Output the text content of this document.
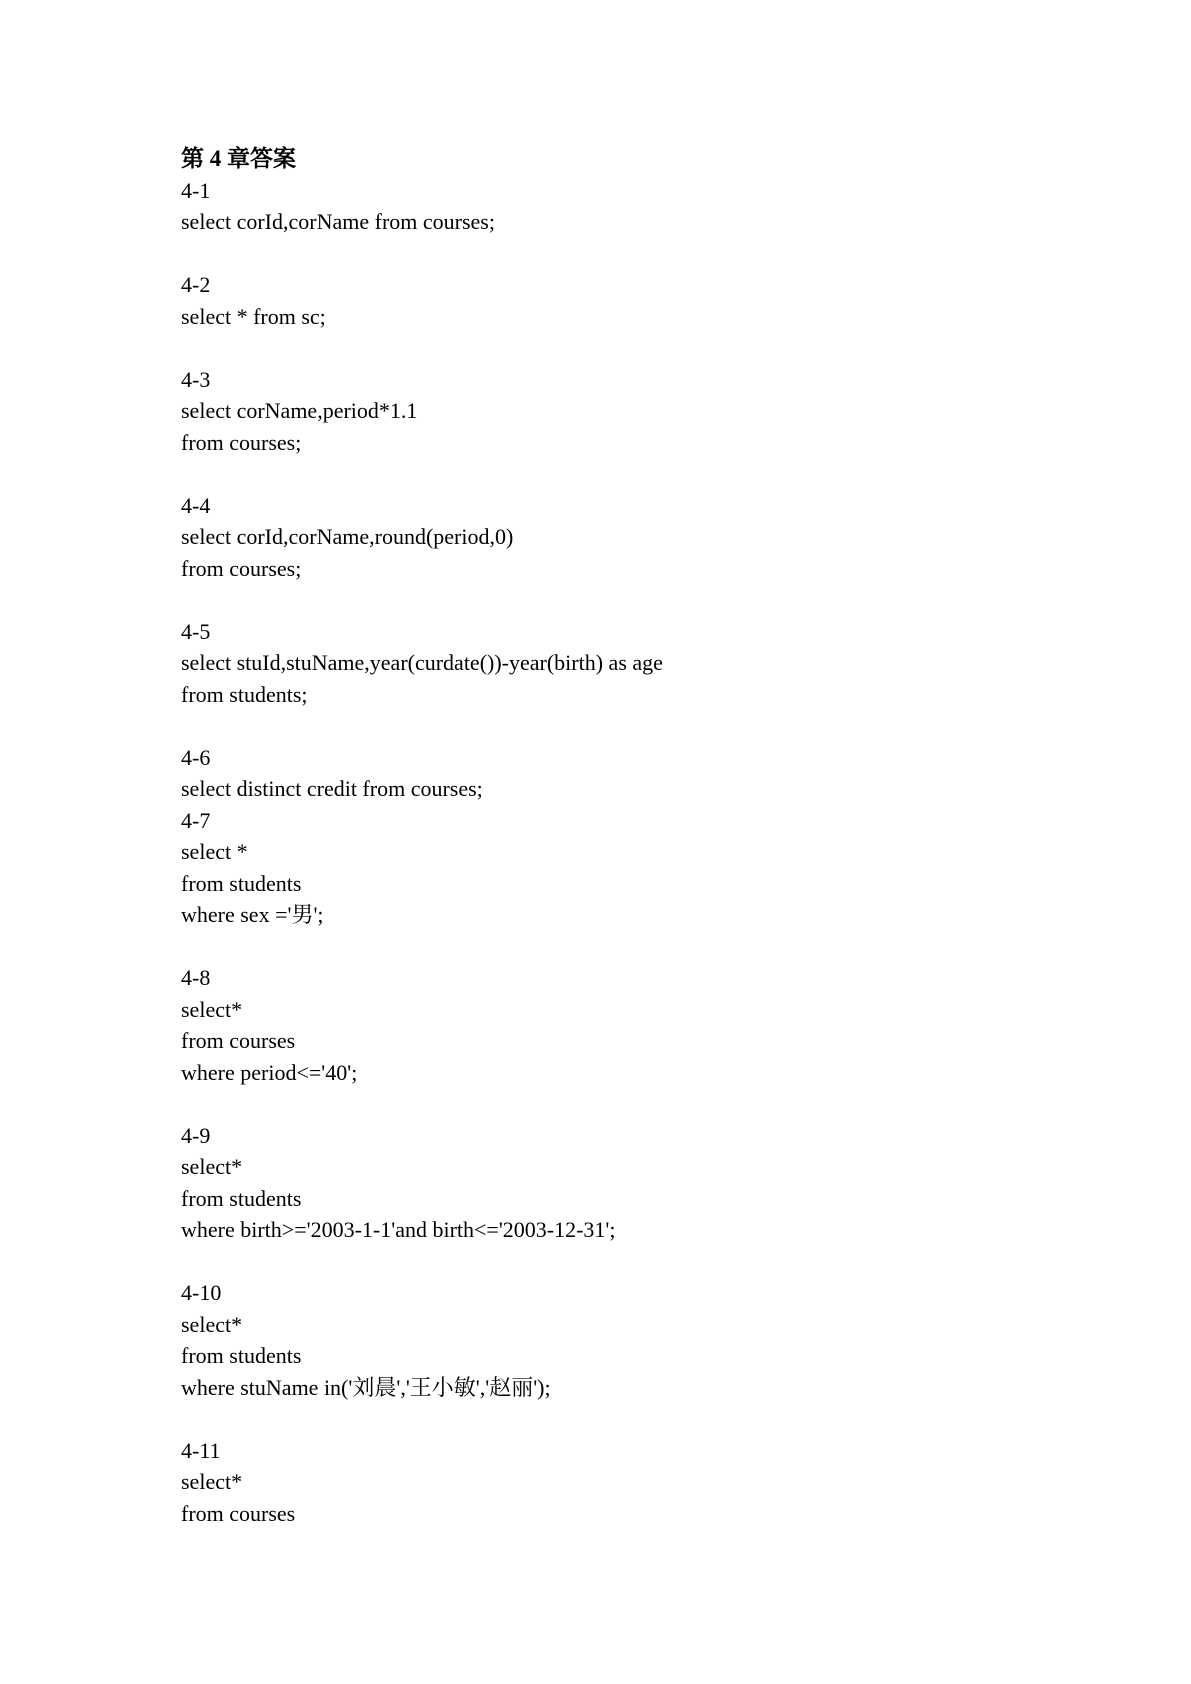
第 4 章答案
4-1
select corId,corName from courses;
4-2
select * from sc;
4-3
select corName,period*1.1
from courses;
4-4
select corId,corName,round(period,0)
from courses;
4-5
select stuId,stuName,year(curdate())-year(birth) as age
from students;
4-6
select distinct credit from courses;
4-7
select *
from students
where sex ='男';
4-8
select*
from courses
where period<='40';
4-9
select*
from students
where birth>='2003-1-1'and birth<='2003-12-31';
4-10
select*
from students
where stuName in('刘晨','王小敏','赵丽');
4-11
select*
from courses
